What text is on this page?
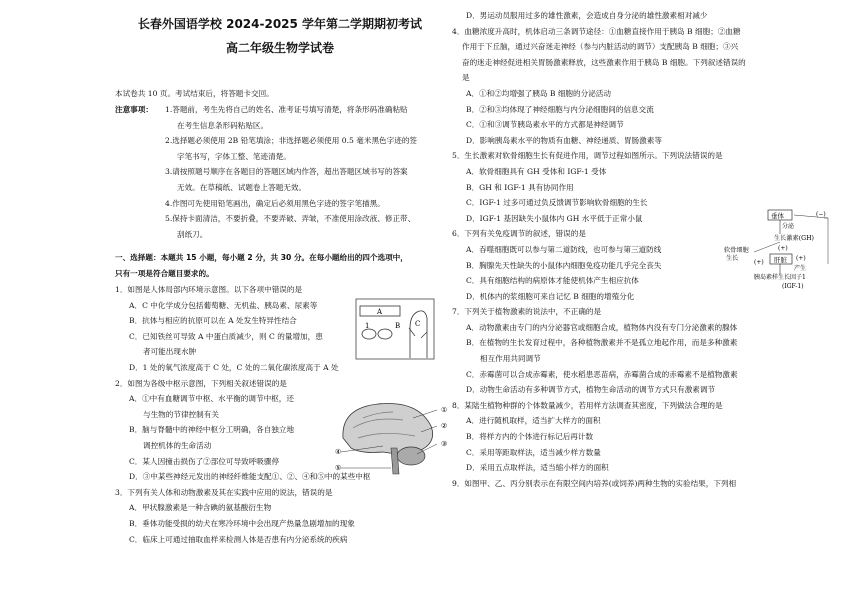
长春外国语学校 2024-2025 学年第二学期期初考试
高二年级生物学试卷
本试卷共 10 页。考试结束后，将答题卡交回。
注意事项： 1.答题前，考生先将自己的姓名、准考证号填写清楚，将条形码准确粘贴
在考生信息条形码粘贴区。
2.选择题必须使用 2B 铅笔填涂；非选择题必须使用 0.5 毫米黑色字迹的签
字笔书写，字体工整、笔迹清楚。
3.请按照题号顺序在各题目的答题区域内作答，超出答题区域书写的答案
无效。在草稿纸、试题卷上答题无效。
4.作图可先使用铅笔画出，确定后必须用黑色字迹的签字笔描黑。
5.保持卡面清洁，不要折叠，不要弄破、弄皱，不准使用涂改液、修正带、
刮纸刀。
一、选择题：本题共 15 小题，每小题 2 分，共 30 分。在每小题给出的四个选项中，
只有一项是符合题目要求的。
1．如图是人体局部内环境示意图。以下各项中错误的是
A．C 中化学成分包括葡萄糖、无机盐、胰岛素、尿素等
B．抗体与相应的抗原可以在 A 处发生特异性结合
C．已知铁丝可导致 A 中蛋白质减少，则 C 的量增加，患
者可能出现水肿
D．1 处的氧气浓度高于 C 处，C 处的二氧化碳浓度高于 A 处
2．如图为各级中枢示意图，下列相关叙述错误的是
A．①中有血糖调节中枢、水平衡的调节中枢，还
与生物的节律控制有关
B．脑与脊髓中的神经中枢分工明确，各自独立地
调控机体的生命活动
C．某人因撞击损伤了②部位可导致呼吸骤停
D．③中某些神经元发出的神经纤维能支配①、②、④和⑤中的某些中枢
3．下列有关人体和动物激素及其在实践中应用的说法，错误的是
A．甲状腺激素是一种含碘的氨基酸衍生物
B．垂体功能受损的幼犬在寒冷环境中会出现产热量急剧增加的现象
C．临床上可通过抽取血样来检测人体是否患有内分泌系统的疾病
A
B C
1
①
②
③
④
⑤
D．男运动员服用过多的雄性激素，会造成自身分泌的雄性激素相对减少
4．血糖浓度升高时，机体启动三条调节途径：①血糖直接作用于胰岛 B 细胞；②血糖
作用于下丘脑，通过兴奋迷走神经（参与内脏活动的调节）支配胰岛 B 细胞；③兴
奋的迷走神经促进相关胃肠激素释放，这些激素作用于胰岛 B 细胞。下列叙述错误的
是
A．①和②均增强了胰岛 B 细胞的分泌活动
B．②和③均体现了神经细胞与内分泌细胞间的信息交流
C．①和③调节胰岛素水平的方式都是神经调节
D．影响胰岛素水平的物质有血糖、神经递质、胃肠激素等
5．生长激素对软骨细胞生长有促进作用，调节过程如图所示。下列说法错误的是
A．软骨细胞具有 GH 受体和 IGF-1 受体
B．GH 和 IGF-1 具有协同作用
C．IGF-1 过多可通过负反馈调节影响软骨细胞的生长
D．IGF-1 基因缺失小鼠体内 GH 水平低于正常小鼠
6．下列有关免疫调节的叙述，错误的是
A．吞噬细胞既可以参与第二道防线，也可参与第三道防线
B．胸腺先天性缺失的小鼠体内细胞免疫功能几乎完全丧失
C．具有细胞结构的病原体才能使机体产生相应抗体
D．机体内的浆细胞可来自记忆 B 细胞的增殖分化
7．下列关于植物激素的说法中，不正确的是
A．动物激素由专门的内分泌器官或细胞合成，植物体内没有专门分泌激素的腺体
B．在植物的生长发育过程中，各种植物激素并不是孤立地起作用，而是多种激素
相互作用共同调节
C．赤霉菌可以合成赤霉素，使水稻患恶苗病，赤霉菌合成的赤霉素不是植物激素
D．动物生命活动有多种调节方式，植物生命活动的调节方式只有激素调节
8．某陆生植物种群的个体数量减少，若用样方法调查其密度，下列做法合理的是
A．进行随机取样，适当扩大样方的面积
B．将样方内的个体进行标记后再计数
C．采用等距取样法，适当减少样方数量
D．采用五点取样法，适当缩小样方的面积
9．如图甲、乙、丙分别表示在有限空间内培养(或饲养)两种生物的实验结果，下列相
垂体	(−)
分泌
生长激素(GH)
(+)
软骨细胞
生长	肝脏
(+)
产生
(+)
胰岛素样生长因子1
(IGF-1)
